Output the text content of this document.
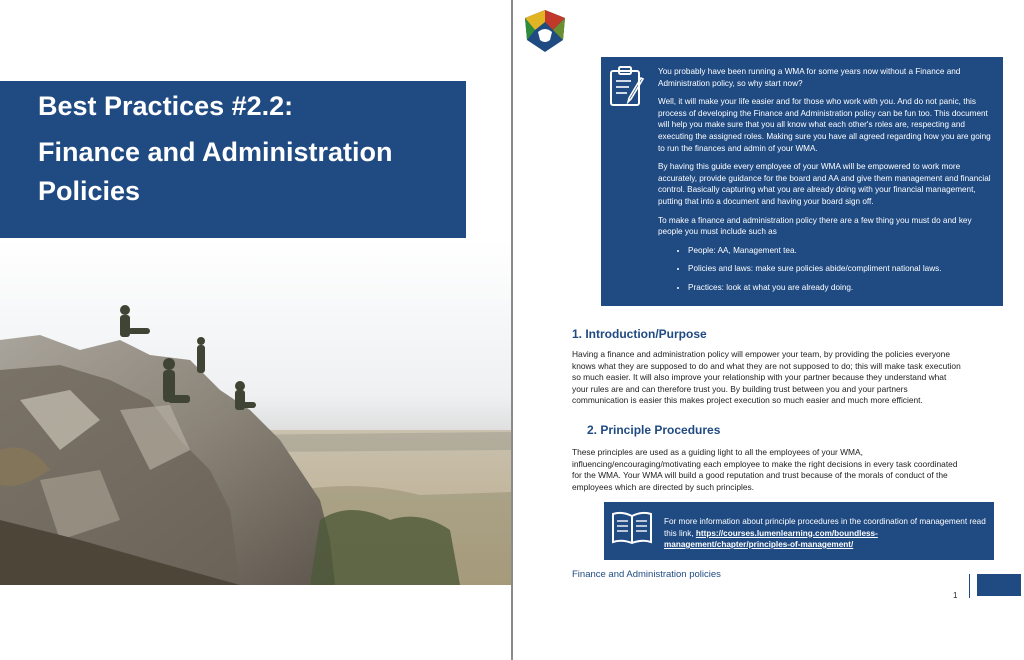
Best Practices #2.2:
Finance and Administration Policies

You probably have been running a WMA for some years now without a Finance and Administration policy, so why start now?

Well, it will make your life easier and for those who work with you. And do not panic, this process of developing the Finance and Administration policy can be fun too. This document will help you make sure that you all know what each other's roles are, respecting and executing the assigned roles. Making sure you have all agreed regarding how you are going to run the finances and admin of your WMA.

By having this guide every employee of your WMA will be empowered to work more accurately, provide guidance for the board and AA and give them management and financial control. Basically capturing what you are already doing with your financial management, putting that into a document and having your board sign off.

To make a finance and administration policy there are a few thing you must do and key people you must include such as

• People: AA, Management tea.
• Policies and laws: make sure policies abide/compliment national laws.
• Practices: look at what you are already doing.
1. Introduction/Purpose
Having a finance and administration policy will empower your team, by providing the policies everyone knows what they are supposed to do and what they are not supposed to do; this will make task execution so much easier. It will also improve your relationship with your partner because they understand what your rules are and can therefore trust you. By building trust between you and your partners communication is easier this makes project execution so much easier and much more efficient.
2. Principle Procedures
These principles are used as a guiding light to all the employees of your WMA, influencing/encouraging/motivating each employee to make the right decisions in every task coordinated for the WMA. Your WMA will build a good reputation and trust because of the morals of conduct of the employees which are directed by such principles.
For more information about principle procedures in the coordination of management read this link, https://courses.lumenlearning.com/boundless-management/chapter/principles-of-management/
Finance and Administration policies
1
